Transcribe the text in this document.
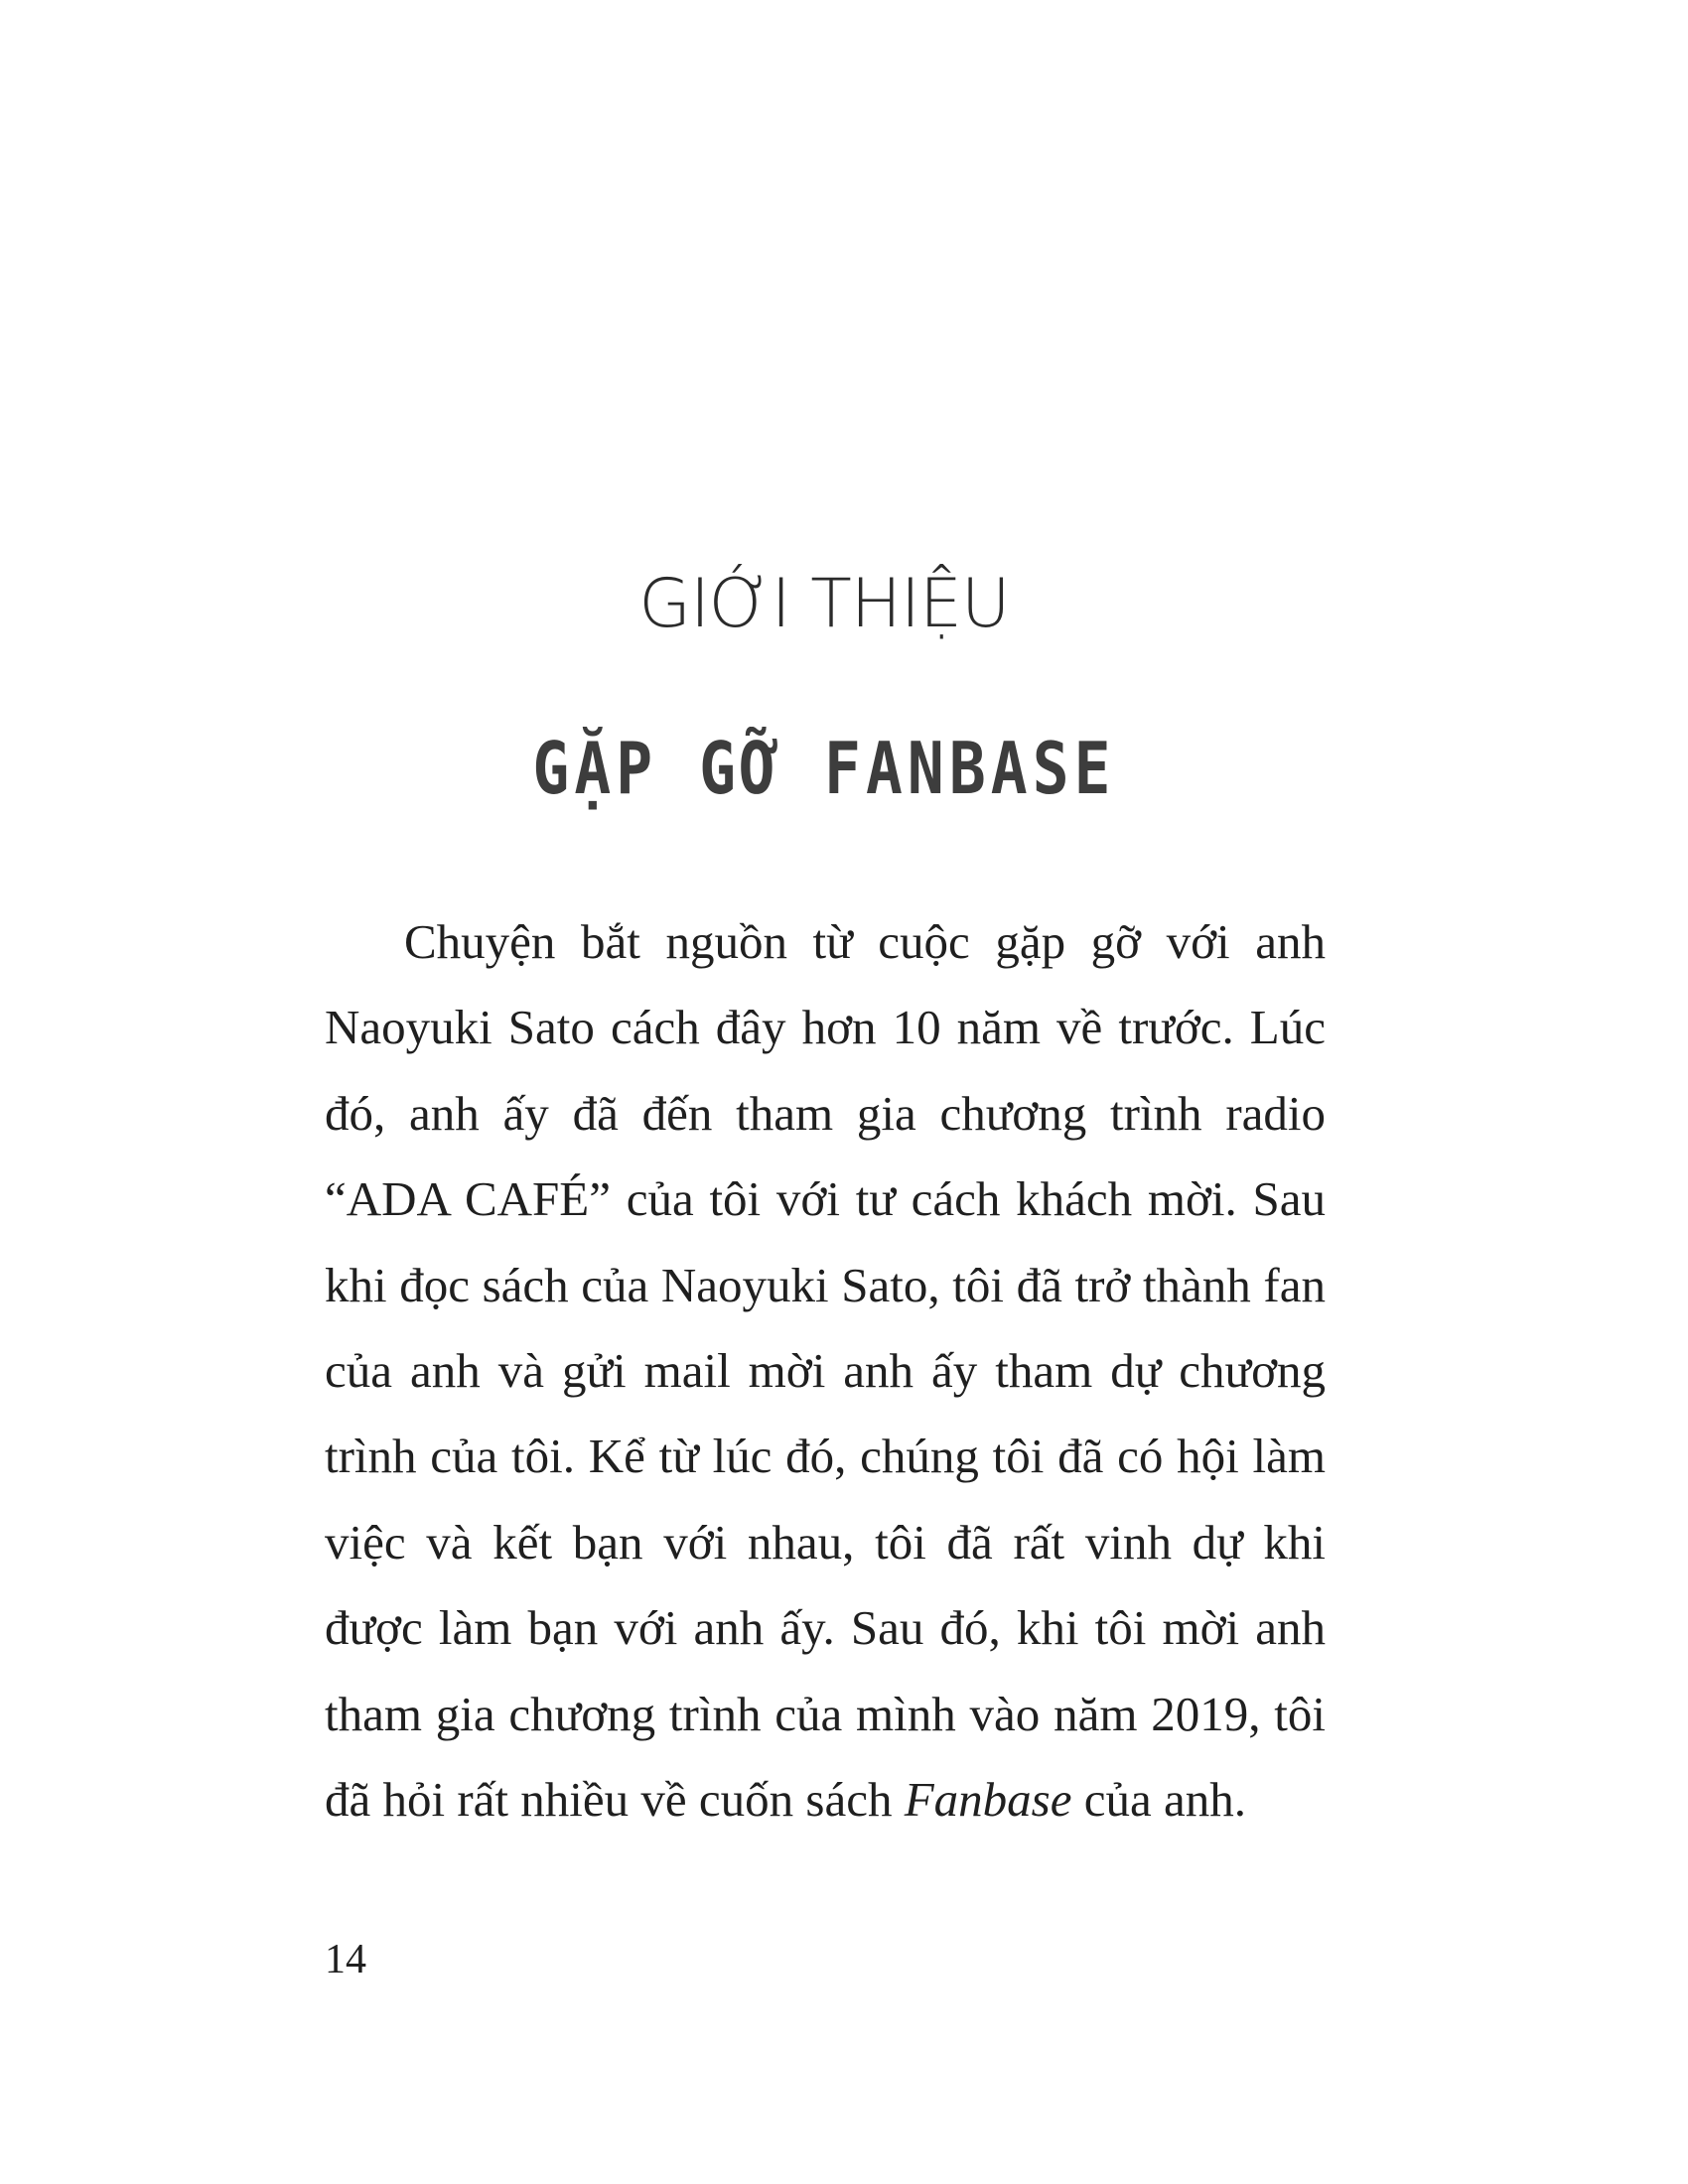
GIỚI THIỆU
GẶP GỠ FANBASE

Chuyện bắt nguồn từ cuộc gặp gỡ với anh Naoyuki Sato cách đây hơn 10 năm về trước. Lúc đó, anh ấy đã đến tham gia chương trình radio “ADA CAFÉ” của tôi với tư cách khách mời. Sau khi đọc sách của Naoyuki Sato, tôi đã trở thành fan của anh và gửi mail mời anh ấy tham dự chương trình của tôi. Kể từ lúc đó, chúng tôi đã có hội làm việc và kết bạn với nhau, tôi đã rất vinh dự khi được làm bạn với anh ấy. Sau đó, khi tôi mời anh tham gia chương trình của mình vào năm 2019, tôi đã hỏi rất nhiều về cuốn sách Fanbase của anh.

14
